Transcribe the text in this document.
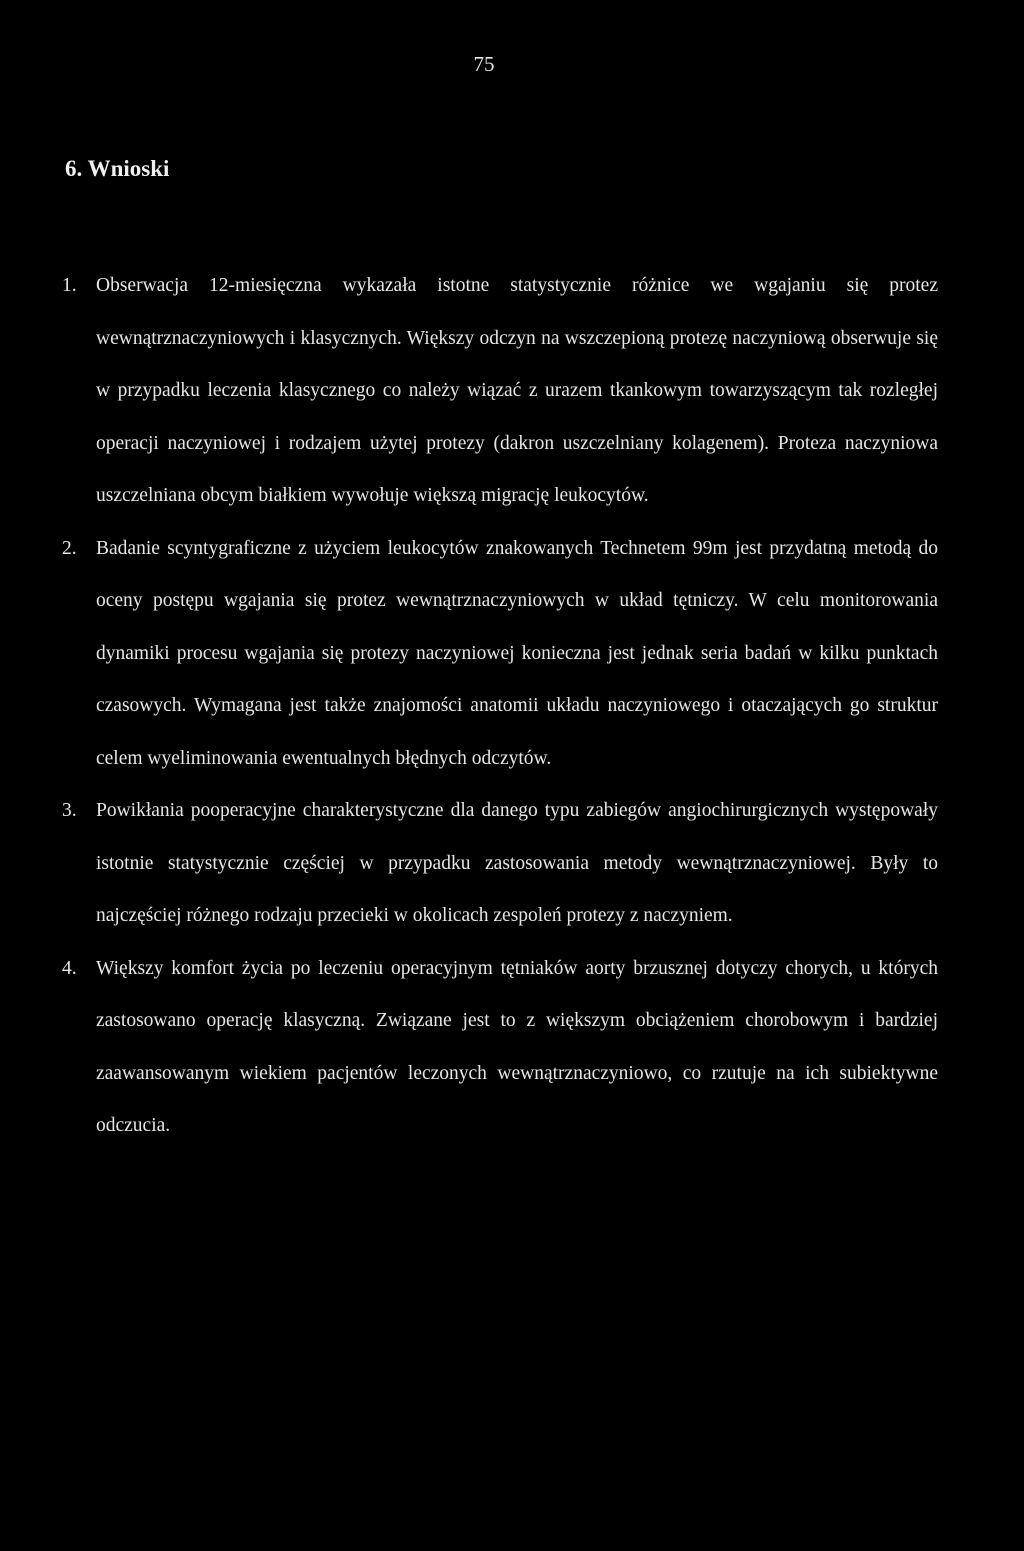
75
6. Wnioski
1. Obserwacja 12-miesięczna wykazała istotne statystycznie różnice we wgajaniu się protez wewnątrznaczyniowych i klasycznych. Większy odczyn na wszczepioną protezę naczyniową obserwuje się w przypadku leczenia klasycznego co należy wiązać z urazem tkankowym towarzyszącym tak rozległej operacji naczyniowej i rodzajem użytej protezy (dakron uszczelniany kolagenem). Proteza naczyniowa uszczelniana obcym białkiem wywołuje większą migrację leukocytów.
2. Badanie scyntygraficzne z użyciem leukocytów znakowanych Technetem 99m jest przydatną metodą do oceny postępu wgajania się protez wewnątrznaczyniowych w układ tętniczy. W celu monitorowania dynamiki procesu wgajania się protezy naczyniowej konieczna jest jednak seria badań w kilku punktach czasowych. Wymagana jest także znajomości anatomii układu naczyniowego i otaczających go struktur celem wyeliminowania ewentualnych błędnych odczytów.
3. Powikłania pooperacyjne charakterystyczne dla danego typu zabiegów angiochirurgicznych występowały istotnie statystycznie częściej w przypadku zastosowania metody wewnątrznaczyniowej. Były to najczęściej różnego rodzaju przecieki w okolicach zespoleń protezy z naczyniem.
4. Większy komfort życia po leczeniu operacyjnym tętniaków aorty brzusznej dotyczy chorych, u których zastosowano operację klasyczną. Związane jest to z większym obciążeniem chorobowym i bardziej zaawansowanym wiekiem pacjentów leczonych wewnątrznaczyniowo, co rzutuje na ich subiektywne odczucia.
